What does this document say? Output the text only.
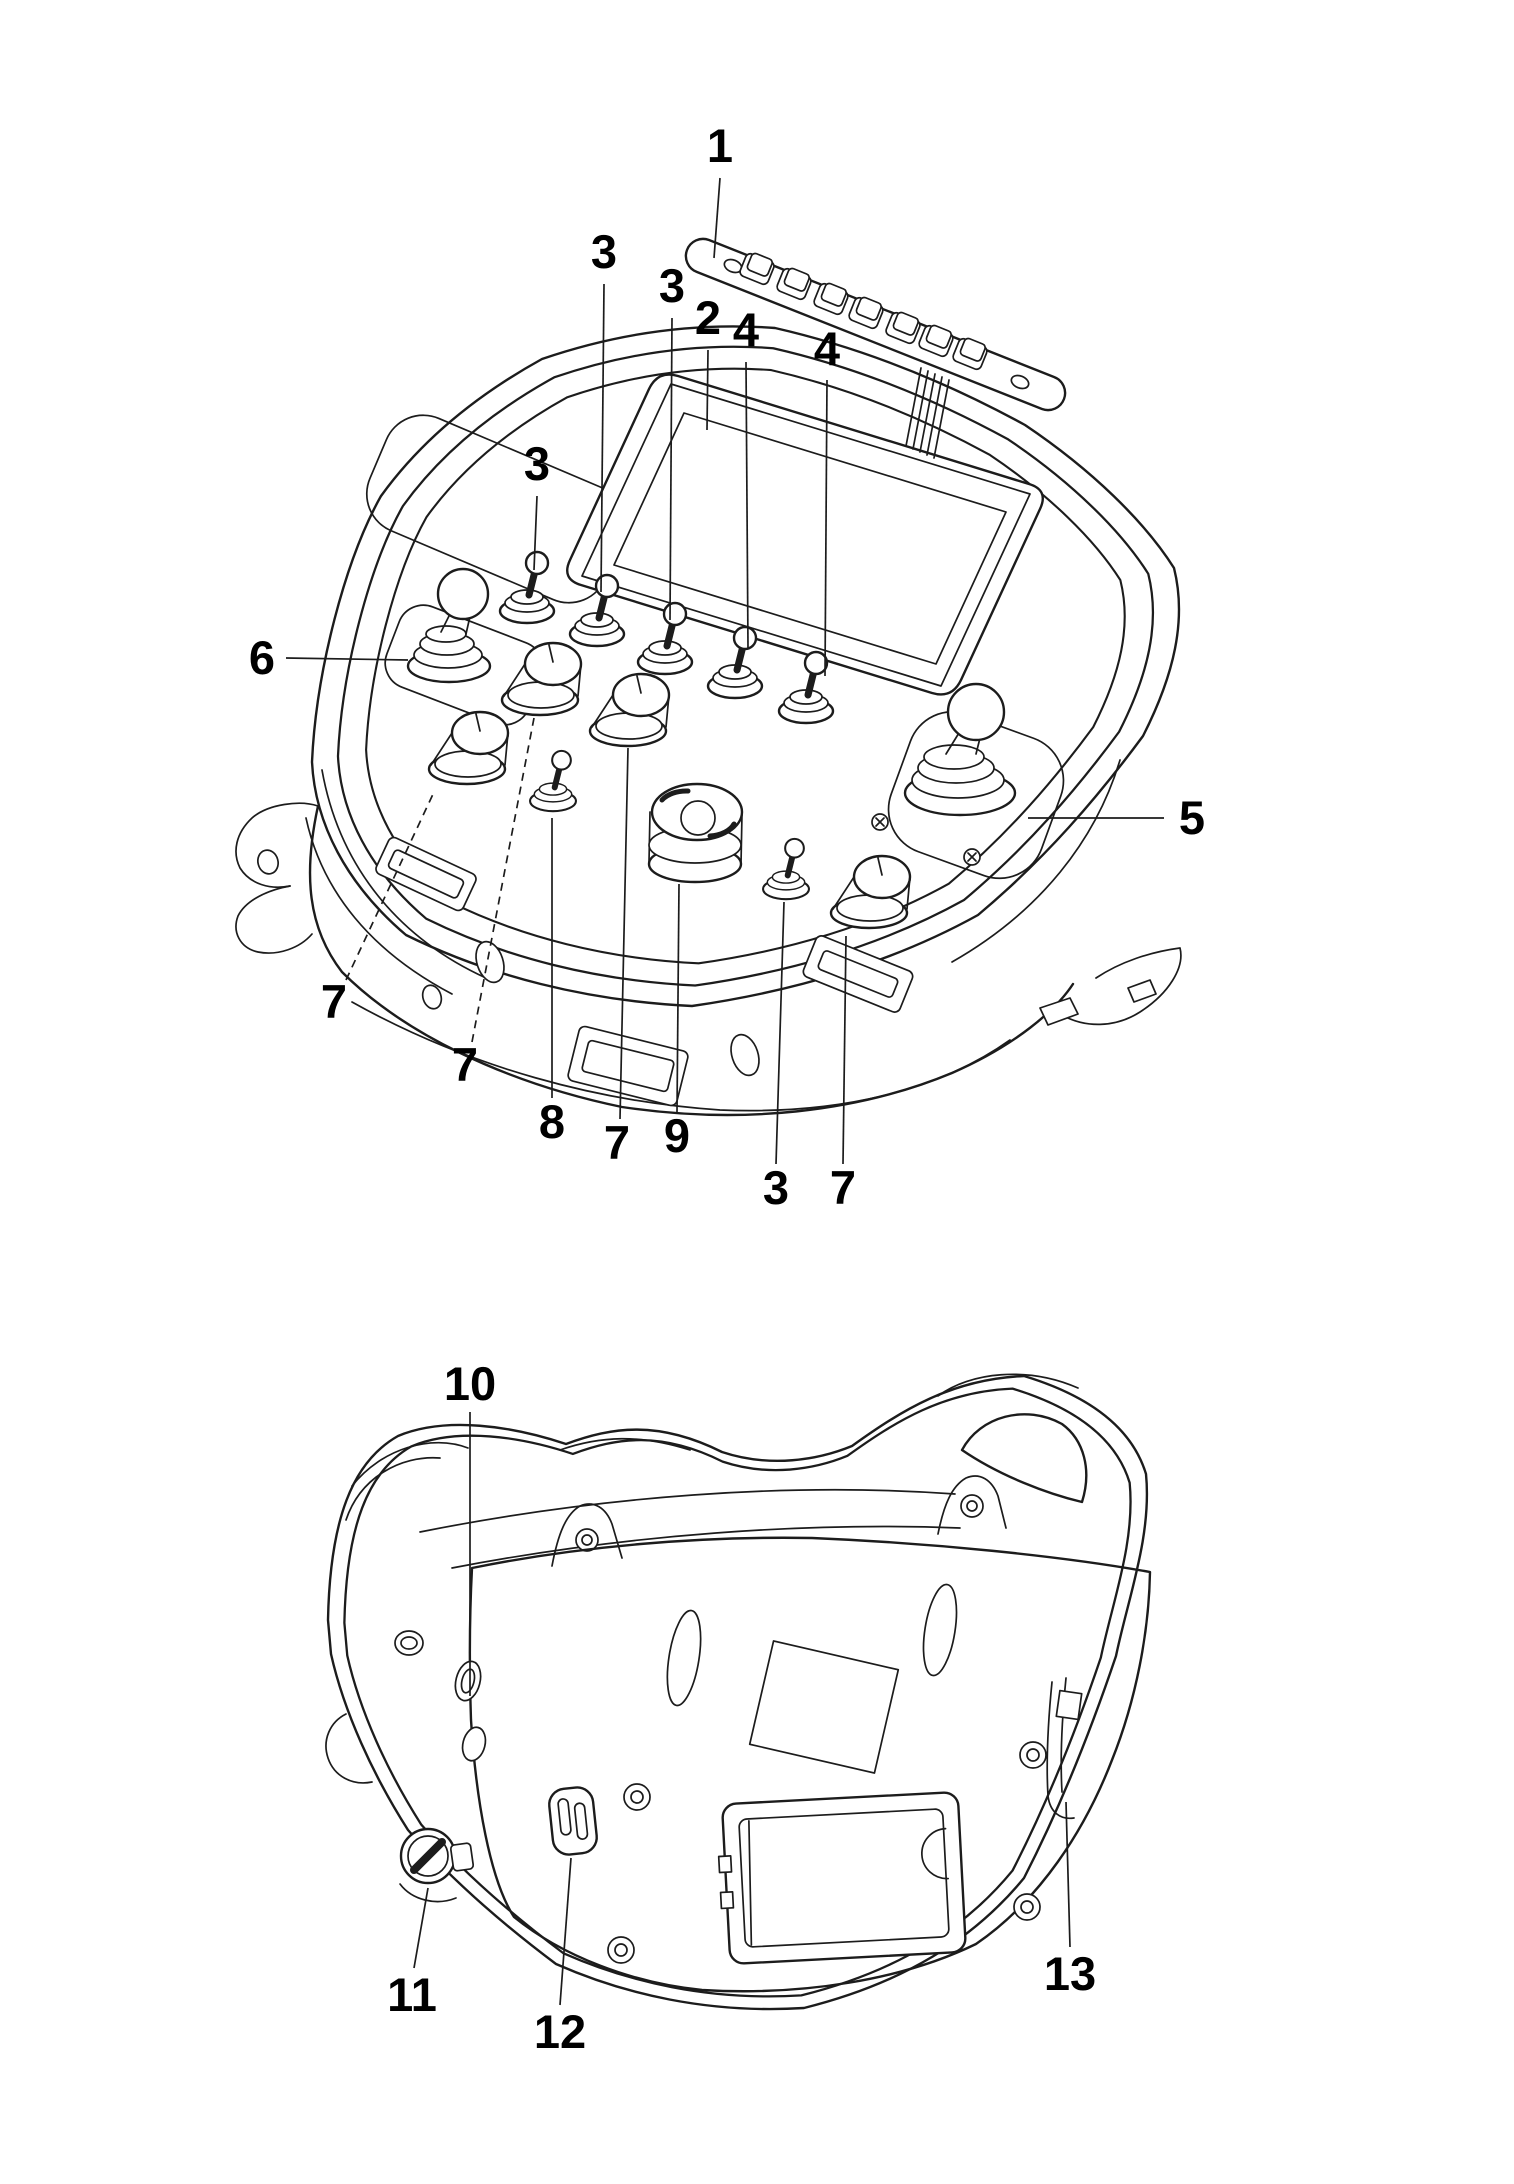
1
3
3
2 4 4
3
6
5
7
7
8 7 9
3 7
10
11
12
13
